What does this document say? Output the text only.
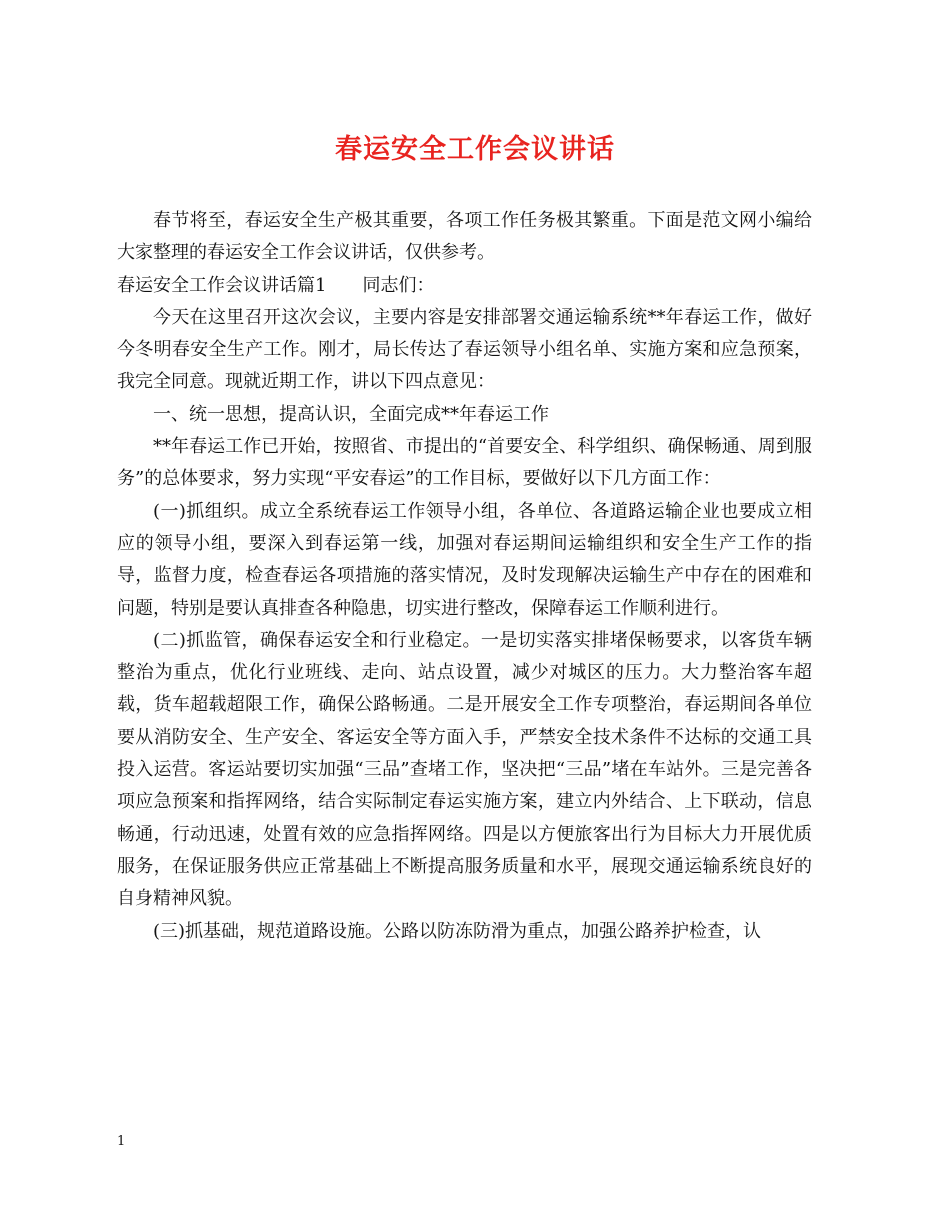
春运安全工作会议讲话

春节将至，春运安全生产极其重要，各项工作任务极其繁重。下面是范文网小编给大家整理的春运安全工作会议讲话，仅供参考。

春运安全工作会议讲话篇1 同志们：

今天在这里召开这次会议，主要内容是安排部署交通运输系统**年春运工作，做好今冬明春安全生产工作。刚才，局长传达了春运领导小组名单、实施方案和应急预案，我完全同意。现就近期工作，讲以下四点意见：

一、统一思想，提高认识，全面完成**年春运工作

**年春运工作已开始，按照省、市提出的“首要安全、科学组织、确保畅通、周到服务”的总体要求，努力实现“平安春运”的工作目标，要做好以下几方面工作：

(一)抓组织。成立全系统春运工作领导小组，各单位、各道路运输企业也要成立相应的领导小组，要深入到春运第一线，加强对春运期间运输组织和安全生产工作的指导，监督力度，检查春运各项措施的落实情况，及时发现解决运输生产中存在的困难和问题，特别是要认真排查各种隐患，切实进行整改，保障春运工作顺利进行。

(二)抓监管，确保春运安全和行业稳定。一是切实落实排堵保畅要求，以客货车辆整治为重点，优化行业班线、走向、站点设置，减少对城区的压力。大力整治客车超载，货车超载超限工作，确保公路畅通。二是开展安全工作专项整治，春运期间各单位要从消防安全、生产安全、客运安全等方面入手，严禁安全技术条件不达标的交通工具投入运营。客运站要切实加强“三品”查堵工作，坚决把“三品”堵在车站外。三是完善各项应急预案和指挥网络，结合实际制定春运实施方案，建立内外结合、上下联动，信息畅通，行动迅速，处置有效的应急指挥网络。四是以方便旅客出行为目标大力开展优质服务，在保证服务供应正常基础上不断提高服务质量和水平，展现交通运输系统良好的自身精神风貌。

(三)抓基础，规范道路设施。公路以防冻防滑为重点，加强公路养护检查，认

1
